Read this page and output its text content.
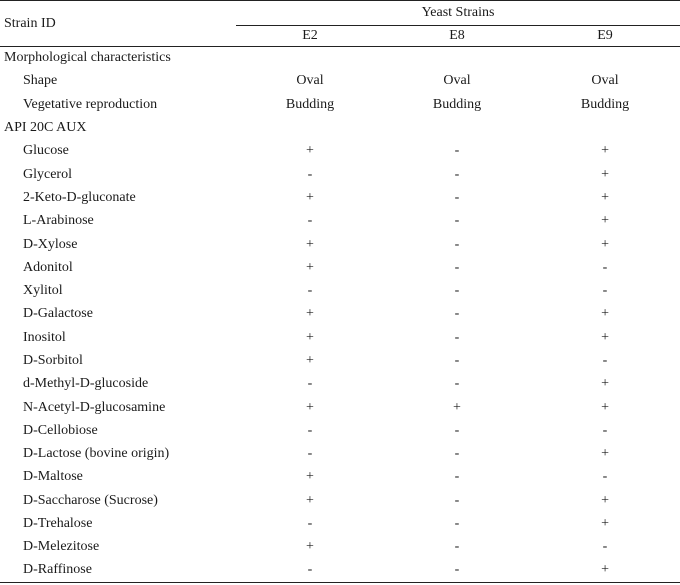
Strain ID	Yeast Strains		
	E2	E8	E9
Morphological characteristics			
Shape	Oval	Oval	Oval
Vegetative reproduction	Budding	Budding	Budding
API 20C AUX			
Glucose	+	-	+
Glycerol	-	-	+
2-Keto-D-gluconate	+	-	+
L-Arabinose	-	-	+
D-Xylose	+	-	+
Adonitol	+	-	-
Xylitol	-	-	-
D-Galactose	+	-	+
Inositol	+	-	+
D-Sorbitol	+	-	-
d-Methyl-D-glucoside	-	-	+
N-Acetyl-D-glucosamine	+	+	+
D-Cellobiose	-	-	-
D-Lactose (bovine origin)	-	-	+
D-Maltose	+	-	-
D-Saccharose (Sucrose)	+	-	+
D-Trehalose	-	-	+
D-Melezitose	+	-	-
D-Raffinose	-	-	+
